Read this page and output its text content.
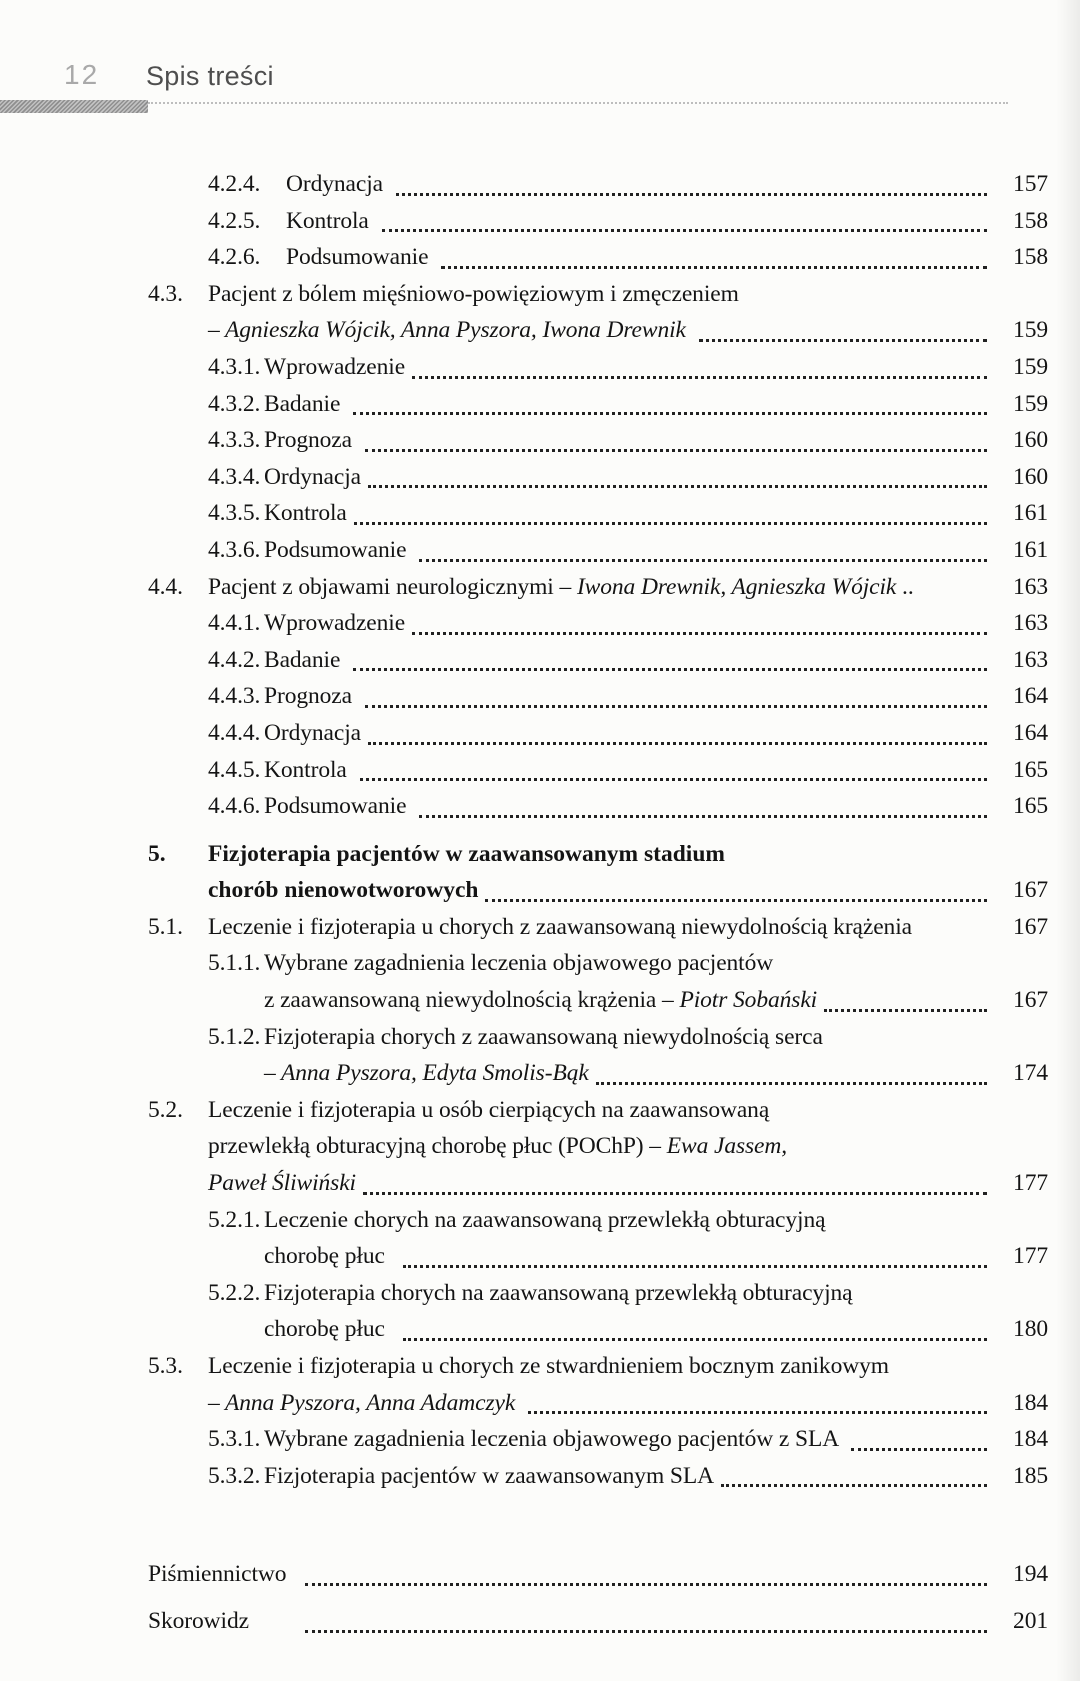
12 Spis treści
4.2.4.	Ordynacja	157
4.2.5.	Kontrola	158
4.2.6.	Podsumowanie	158
4.3.	Pacjent z bólem mięśniowo-powięziowym i zmęczeniem
– Agnieszka Wójcik, Anna Pyszora, Iwona Drewnik	159
4.3.1. Wprowadzenie	159
4.3.2. Badanie	159
4.3.3. Prognoza	160
4.3.4. Ordynacja	160
4.3.5. Kontrola	161
4.3.6. Podsumowanie	161
4.4.	Pacjent z objawami neurologicznymi – Iwona Drewnik, Agnieszka Wójcik ..	163
4.4.1. Wprowadzenie	163
4.4.2. Badanie	163
4.4.3. Prognoza	164
4.4.4. Ordynacja	164
4.4.5. Kontrola	165
4.4.6. Podsumowanie	165
5.	Fizjoterapia pacjentów w zaawansowanym stadium
chorób nienowotworowych	167
5.1.	Leczenie i fizjoterapia u chorych z zaawansowaną niewydolnością krążenia	167
5.1.1. Wybrane zagadnienia leczenia objawowego pacjentów
z zaawansowaną niewydolnością krążenia – Piotr Sobański	167
5.1.2. Fizjoterapia chorych z zaawansowaną niewydolnością serca
– Anna Pyszora, Edyta Smolis-Bąk	174
5.2.	Leczenie i fizjoterapia u osób cierpiących na zaawansowaną
przewlekłą obturacyjną chorobę płuc (POChP) – Ewa Jassem,
Paweł Śliwiński	177
5.2.1. Leczenie chorych na zaawansowaną przewlekłą obturacyjną
chorobę płuc	177
5.2.2. Fizjoterapia chorych na zaawansowaną przewlekłą obturacyjną
chorobę płuc	180
5.3.	Leczenie i fizjoterapia u chorych ze stwardnieniem bocznym zanikowym
– Anna Pyszora, Anna Adamczyk	184
5.3.1. Wybrane zagadnienia leczenia objawowego pacjentów z SLA	184
5.3.2. Fizjoterapia pacjentów w zaawansowanym SLA	185
Piśmiennictwo	194
Skorowidz	201
